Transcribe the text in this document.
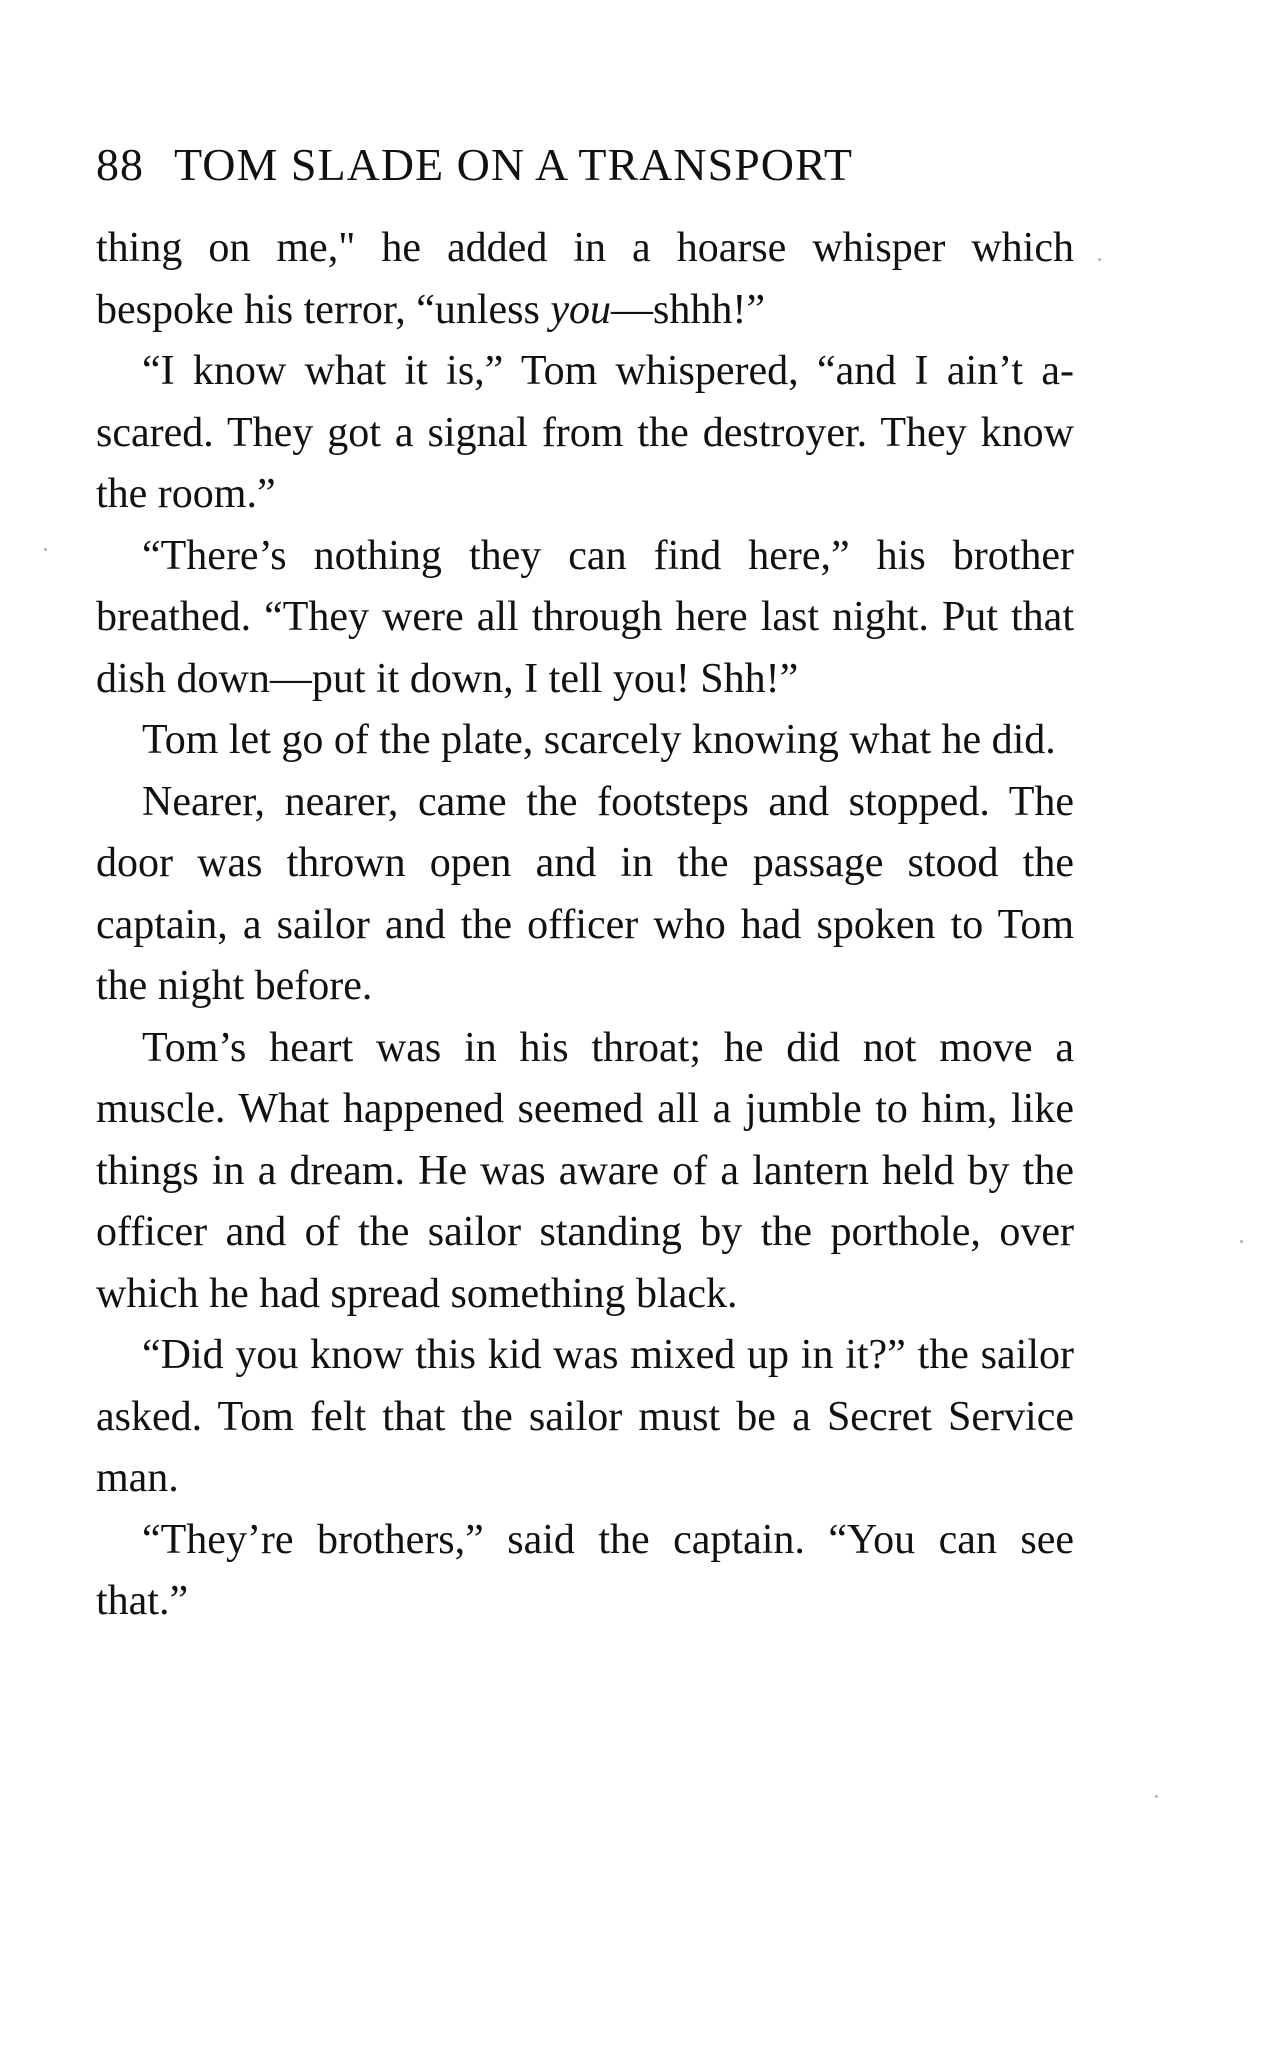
88 TOM SLADE ON A TRANSPORT

thing on me," he added in a hoarse whisper which bespoke his terror, “unless you—shhh!”

“I know what it is,” Tom whispered, “and I ain’t a-scared. They got a signal from the destroyer. They know the room.”

“There’s nothing they can find here,” his brother breathed. “They were all through here last night. Put that dish down—put it down, I tell you! Shh!”

Tom let go of the plate, scarcely knowing what he did.

Nearer, nearer, came the footsteps and stopped. The door was thrown open and in the passage stood the captain, a sailor and the officer who had spoken to Tom the night before.

Tom’s heart was in his throat; he did not move a muscle. What happened seemed all a jumble to him, like things in a dream. He was aware of a lantern held by the officer and of the sailor standing by the porthole, over which he had spread something black.

“Did you know this kid was mixed up in it?” the sailor asked. Tom felt that the sailor must be a Secret Service man.

“They’re brothers,” said the captain. “You can see that.”
